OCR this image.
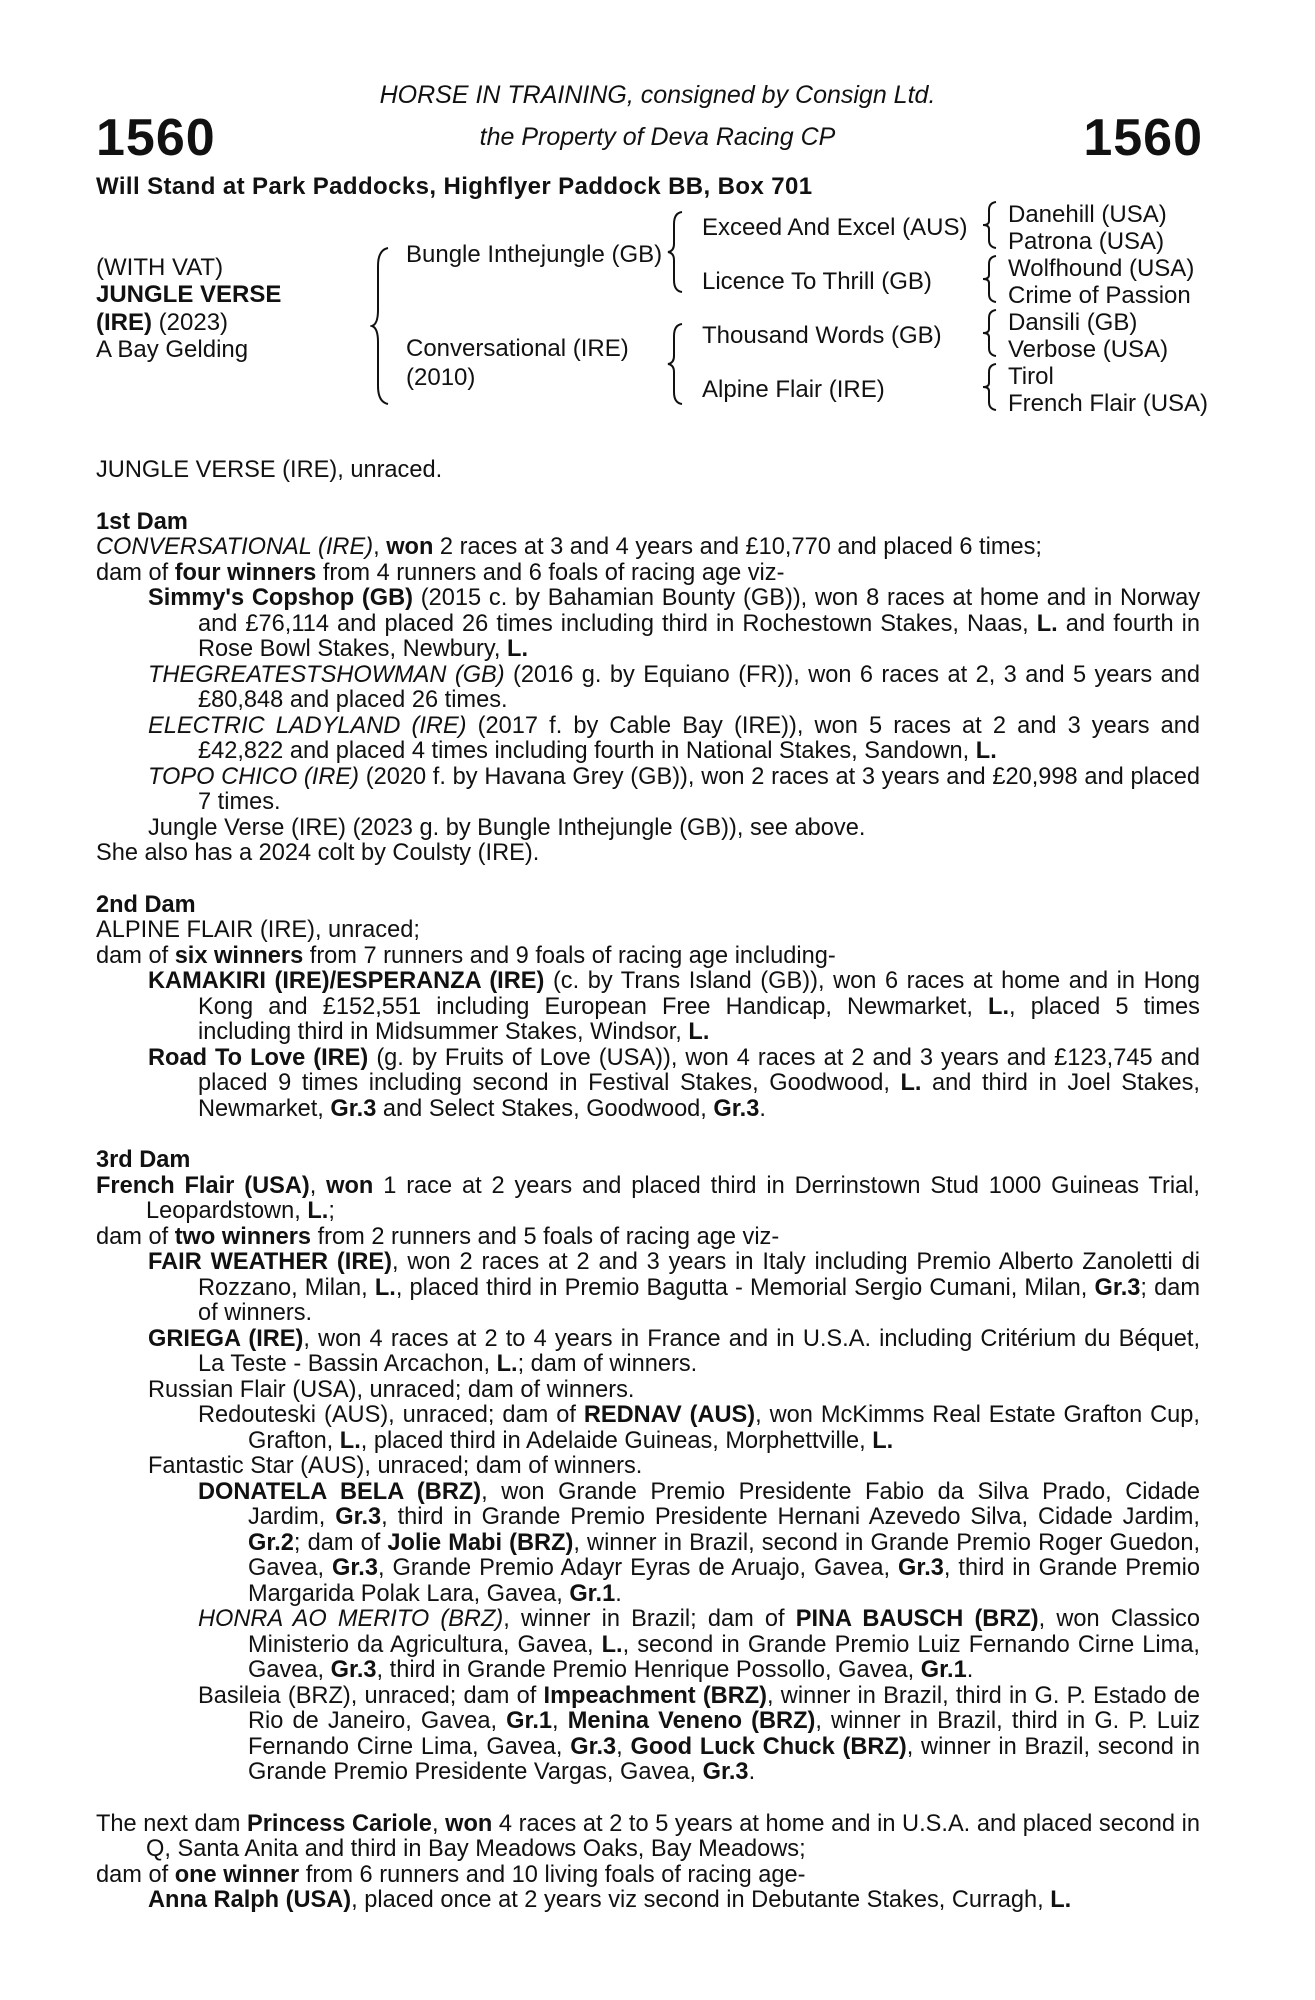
1560	1560
HORSE IN TRAINING, consigned by Consign Ltd.
the Property of Deva Racing CP
Will Stand at Park Paddocks, Highflyer Paddock BB, Box 701
(WITH VAT)
JUNGLE VERSE
(IRE) (2023)
A Bay Gelding
Bungle Inthejungle (GB)
Conversational (IRE)
(2010)
Exceed And Excel (AUS)
Licence To Thrill (GB)
Thousand Words (GB)
Alpine Flair (IRE)
Danehill (USA)
Patrona (USA)
Wolfhound (USA)
Crime of Passion
Dansili (GB)
Verbose (USA)
Tirol
French Flair (USA)

JUNGLE VERSE (IRE), unraced.

1st Dam

CONVERSATIONAL (IRE), won 2 races at 3 and 4 years and £10,770 and placed 6 times;

dam of four winners from 4 runners and 6 foals of racing age viz-

Simmy's Copshop (GB) (2015 c. by Bahamian Bounty (GB)), won 8 races at home and in Norway and £76,114 and placed 26 times including third in Rochestown Stakes, Naas, L. and fourth in Rose Bowl Stakes, Newbury, L.

THEGREATESTSHOWMAN (GB) (2016 g. by Equiano (FR)), won 6 races at 2, 3 and 5 years and £80,848 and placed 26 times.

ELECTRIC LADYLAND (IRE) (2017 f. by Cable Bay (IRE)), won 5 races at 2 and 3 years and £42,822 and placed 4 times including fourth in National Stakes, Sandown, L.

TOPO CHICO (IRE) (2020 f. by Havana Grey (GB)), won 2 races at 3 years and £20,998 and placed 7 times.

Jungle Verse (IRE) (2023 g. by Bungle Inthejungle (GB)), see above.

She also has a 2024 colt by Coulsty (IRE).

2nd Dam

ALPINE FLAIR (IRE), unraced;

dam of six winners from 7 runners and 9 foals of racing age including-

KAMAKIRI (IRE)/ESPERANZA (IRE) (c. by Trans Island (GB)), won 6 races at home and in Hong Kong and £152,551 including European Free Handicap, Newmarket, L., placed 5 times including third in Midsummer Stakes, Windsor, L.

Road To Love (IRE) (g. by Fruits of Love (USA)), won 4 races at 2 and 3 years and £123,745 and placed 9 times including second in Festival Stakes, Goodwood, L. and third in Joel Stakes, Newmarket, Gr.3 and Select Stakes, Goodwood, Gr.3.

3rd Dam

French Flair (USA), won 1 race at 2 years and placed third in Derrinstown Stud 1000 Guineas Trial, Leopardstown, L.;

dam of two winners from 2 runners and 5 foals of racing age viz-

FAIR WEATHER (IRE), won 2 races at 2 and 3 years in Italy including Premio Alberto Zanoletti di Rozzano, Milan, L., placed third in Premio Bagutta - Memorial Sergio Cumani, Milan, Gr.3; dam of winners.

GRIEGA (IRE), won 4 races at 2 to 4 years in France and in U.S.A. including Critérium du Béquet, La Teste - Bassin Arcachon, L.; dam of winners.

Russian Flair (USA), unraced; dam of winners.

Redouteski (AUS), unraced; dam of REDNAV (AUS), won McKimms Real Estate Grafton Cup, Grafton, L., placed third in Adelaide Guineas, Morphettville, L.

Fantastic Star (AUS), unraced; dam of winners.

DONATELA BELA (BRZ), won Grande Premio Presidente Fabio da Silva Prado, Cidade Jardim, Gr.3, third in Grande Premio Presidente Hernani Azevedo Silva, Cidade Jardim, Gr.2; dam of Jolie Mabi (BRZ), winner in Brazil, second in Grande Premio Roger Guedon, Gavea, Gr.3, Grande Premio Adayr Eyras de Aruajo, Gavea, Gr.3, third in Grande Premio Margarida Polak Lara, Gavea, Gr.1.

HONRA AO MERITO (BRZ), winner in Brazil; dam of PINA BAUSCH (BRZ), won Classico Ministerio da Agricultura, Gavea, L., second in Grande Premio Luiz Fernando Cirne Lima, Gavea, Gr.3, third in Grande Premio Henrique Possollo, Gavea, Gr.1.

Basileia (BRZ), unraced; dam of Impeachment (BRZ), winner in Brazil, third in G. P. Estado de Rio de Janeiro, Gavea, Gr.1, Menina Veneno (BRZ), winner in Brazil, third in G. P. Luiz Fernando Cirne Lima, Gavea, Gr.3, Good Luck Chuck (BRZ), winner in Brazil, second in Grande Premio Presidente Vargas, Gavea, Gr.3.

The next dam Princess Cariole, won 4 races at 2 to 5 years at home and in U.S.A. and placed second in Q, Santa Anita and third in Bay Meadows Oaks, Bay Meadows;

dam of one winner from 6 runners and 10 living foals of racing age-

Anna Ralph (USA), placed once at 2 years viz second in Debutante Stakes, Curragh, L.
